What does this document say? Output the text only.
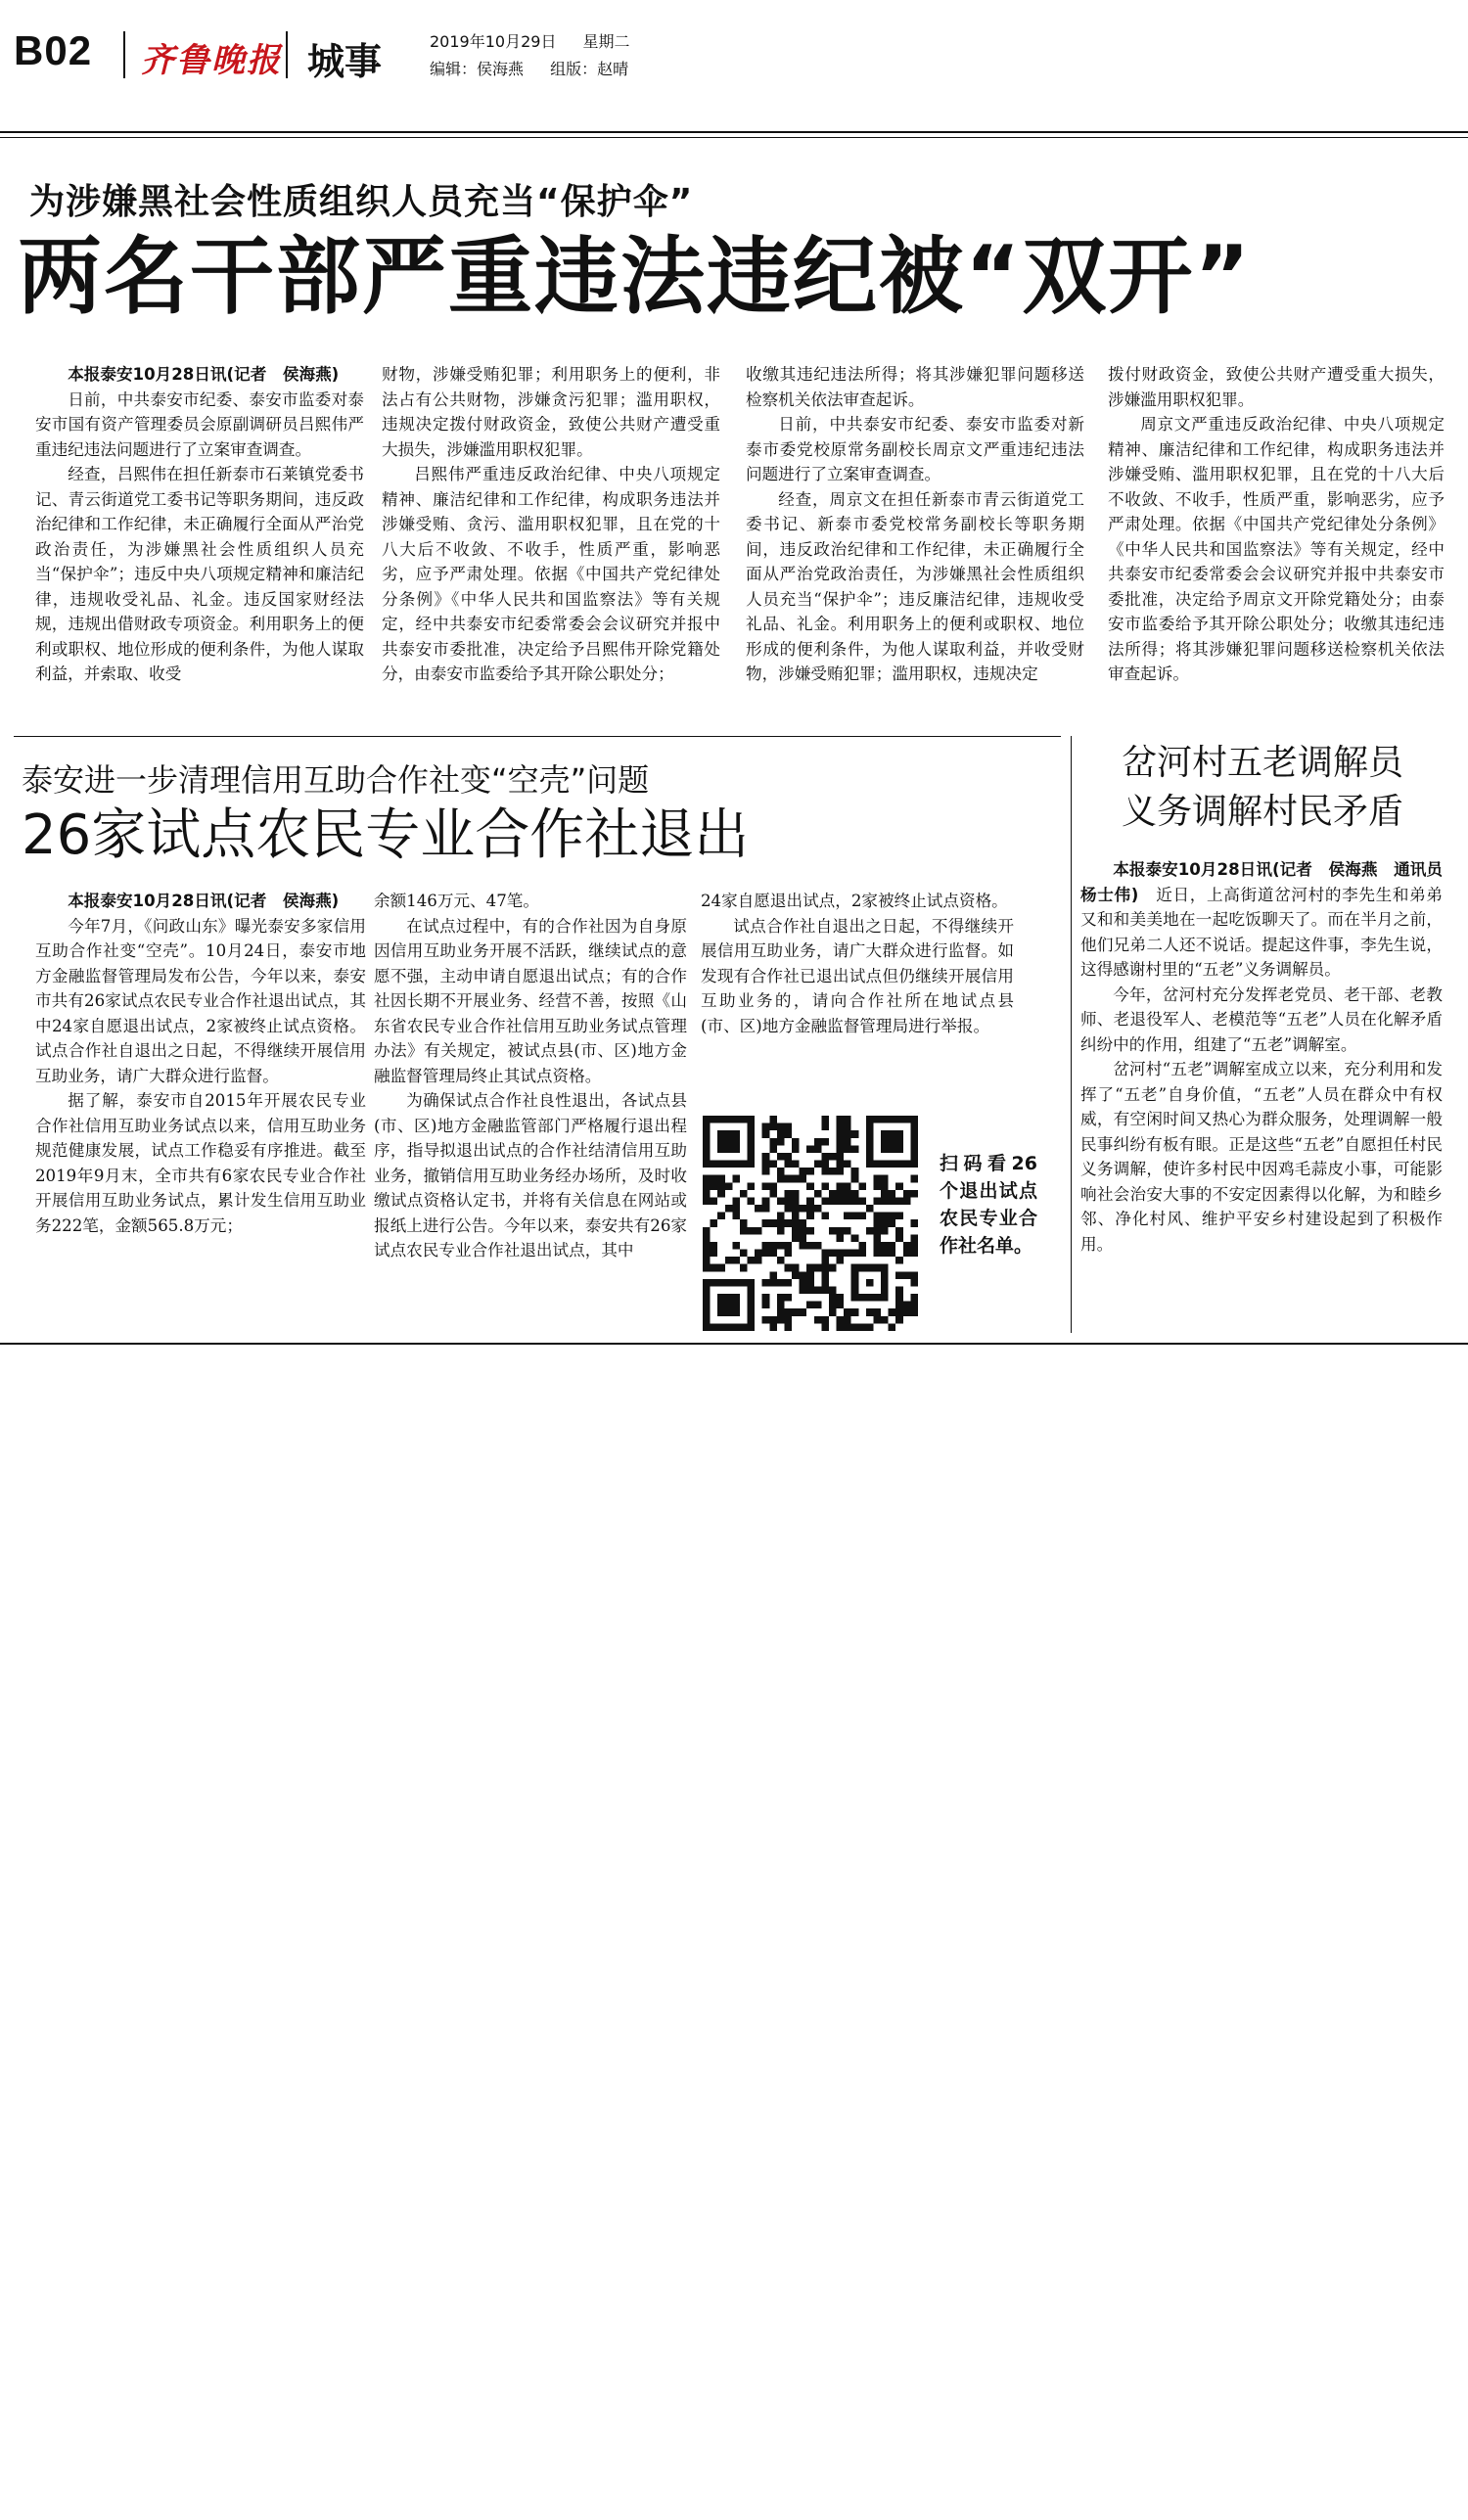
B02 齐鲁晚报 城事	2019年10月29日 星期二
编辑：侯海燕 组版：赵晴
为涉嫌黑社会性质组织人员充当“保护伞”
两名干部严重违法违纪被“双开”

本报泰安10月28日讯(记者　侯海燕)

日前，中共泰安市纪委、泰安市监委对泰安市国有资产管理委员会原副调研员吕熙伟严重违纪违法问题进行了立案审查调查。

经查，吕熙伟在担任新泰市石莱镇党委书记、青云街道党工委书记等职务期间，违反政治纪律和工作纪律，未正确履行全面从严治党政治责任，为涉嫌黑社会性质组织人员充当“保护伞”；违反中央八项规定精神和廉洁纪律，违规收受礼品、礼金。违反国家财经法规，违规出借财政专项资金。利用职务上的便利或职权、地位形成的便利条件，为他人谋取利益，并索取、收受

财物，涉嫌受贿犯罪；利用职务上的便利，非法占有公共财物，涉嫌贪污犯罪；滥用职权，违规决定拨付财政资金，致使公共财产遭受重大损失，涉嫌滥用职权犯罪。

吕熙伟严重违反政治纪律、中央八项规定精神、廉洁纪律和工作纪律，构成职务违法并涉嫌受贿、贪污、滥用职权犯罪，且在党的十八大后不收敛、不收手，性质严重，影响恶劣，应予严肃处理。依据《中国共产党纪律处分条例》《中华人民共和国监察法》等有关规定，经中共泰安市纪委常委会会议研究并报中共泰安市委批准，决定给予吕熙伟开除党籍处分，由泰安市监委给予其开除公职处分；

收缴其违纪违法所得；将其涉嫌犯罪问题移送检察机关依法审查起诉。

日前，中共泰安市纪委、泰安市监委对新泰市委党校原常务副校长周京文严重违纪违法问题进行了立案审查调查。

经查，周京文在担任新泰市青云街道党工委书记、新泰市委党校常务副校长等职务期间，违反政治纪律和工作纪律，未正确履行全面从严治党政治责任，为涉嫌黑社会性质组织人员充当“保护伞”；违反廉洁纪律，违规收受礼品、礼金。利用职务上的便利或职权、地位形成的便利条件，为他人谋取利益，并收受财物，涉嫌受贿犯罪；滥用职权，违规决定

拨付财政资金，致使公共财产遭受重大损失，涉嫌滥用职权犯罪。

周京文严重违反政治纪律、中央八项规定精神、廉洁纪律和工作纪律，构成职务违法并涉嫌受贿、滥用职权犯罪，且在党的十八大后不收敛、不收手，性质严重，影响恶劣，应予严肃处理。依据《中国共产党纪律处分条例》《中华人民共和国监察法》等有关规定，经中共泰安市纪委常委会会议研究并报中共泰安市委批准，决定给予周京文开除党籍处分；由泰安市监委给予其开除公职处分；收缴其违纪违法所得；将其涉嫌犯罪问题移送检察机关依法审查起诉。

泰安进一步清理信用互助合作社变“空壳”问题
26家试点农民专业合作社退出

本报泰安10月28日讯(记者　侯海燕)

今年7月，《问政山东》曝光泰安多家信用互助合作社变“空壳”。10月24日，泰安市地方金融监督管理局发布公告，今年以来，泰安市共有26家试点农民专业合作社退出试点，其中24家自愿退出试点，2家被终止试点资格。试点合作社自退出之日起，不得继续开展信用互助业务，请广大群众进行监督。

据了解，泰安市自2015年开展农民专业合作社信用互助业务试点以来，信用互助业务规范健康发展，试点工作稳妥有序推进。截至2019年9月末，全市共有6家农民专业合作社开展信用互助业务试点，累计发生信用互助业务222笔，金额565.8万元；

余额146万元、47笔。

在试点过程中，有的合作社因为自身原因信用互助业务开展不活跃，继续试点的意愿不强，主动申请自愿退出试点；有的合作社因长期不开展业务、经营不善，按照《山东省农民专业合作社信用互助业务试点管理办法》有关规定，被试点县(市、区)地方金融监督管理局终止其试点资格。

为确保试点合作社良性退出，各试点县(市、区)地方金融监管部门严格履行退出程序，指导拟退出试点的合作社结清信用互助业务，撤销信用互助业务经办场所，及时收缴试点资格认定书，并将有关信息在网站或报纸上进行公告。今年以来，泰安共有26家试点农民专业合作社退出试点，其中

24家自愿退出试点，2家被终止试点资格。

试点合作社自退出之日起，不得继续开展信用互助业务，请广大群众进行监督。如发现有合作社已退出试点但仍继续开展信用互助业务的，请向合作社所在地试点县(市、区)地方金融监督管理局进行举报。

扫码看26个退出试点农民专业合作社名单。
岔河村五老调解员
义务调解村民矛盾

本报泰安10月28日讯(记者　侯海燕　通讯员　杨士伟)　 近日，上高街道岔河村的李先生和弟弟又和和美美地在一起吃饭聊天了。而在半月之前，他们兄弟二人还不说话。提起这件事，李先生说，这得感谢村里的“五老”义务调解员。

今年，岔河村充分发挥老党员、老干部、老教师、老退役军人、老模范等“五老”人员在化解矛盾纠纷中的作用，组建了“五老”调解室。

岔河村“五老”调解室成立以来，充分利用和发挥了“五老”自身价值，“五老”人员在群众中有权威，有空闲时间又热心为群众服务，处理调解一般民事纠纷有板有眼。正是这些“五老”自愿担任村民义务调解，使许多村民中因鸡毛蒜皮小事，可能影响社会治安大事的不安定因素得以化解，为和睦乡邻、净化村风、维护平安乡村建设起到了积极作用。
